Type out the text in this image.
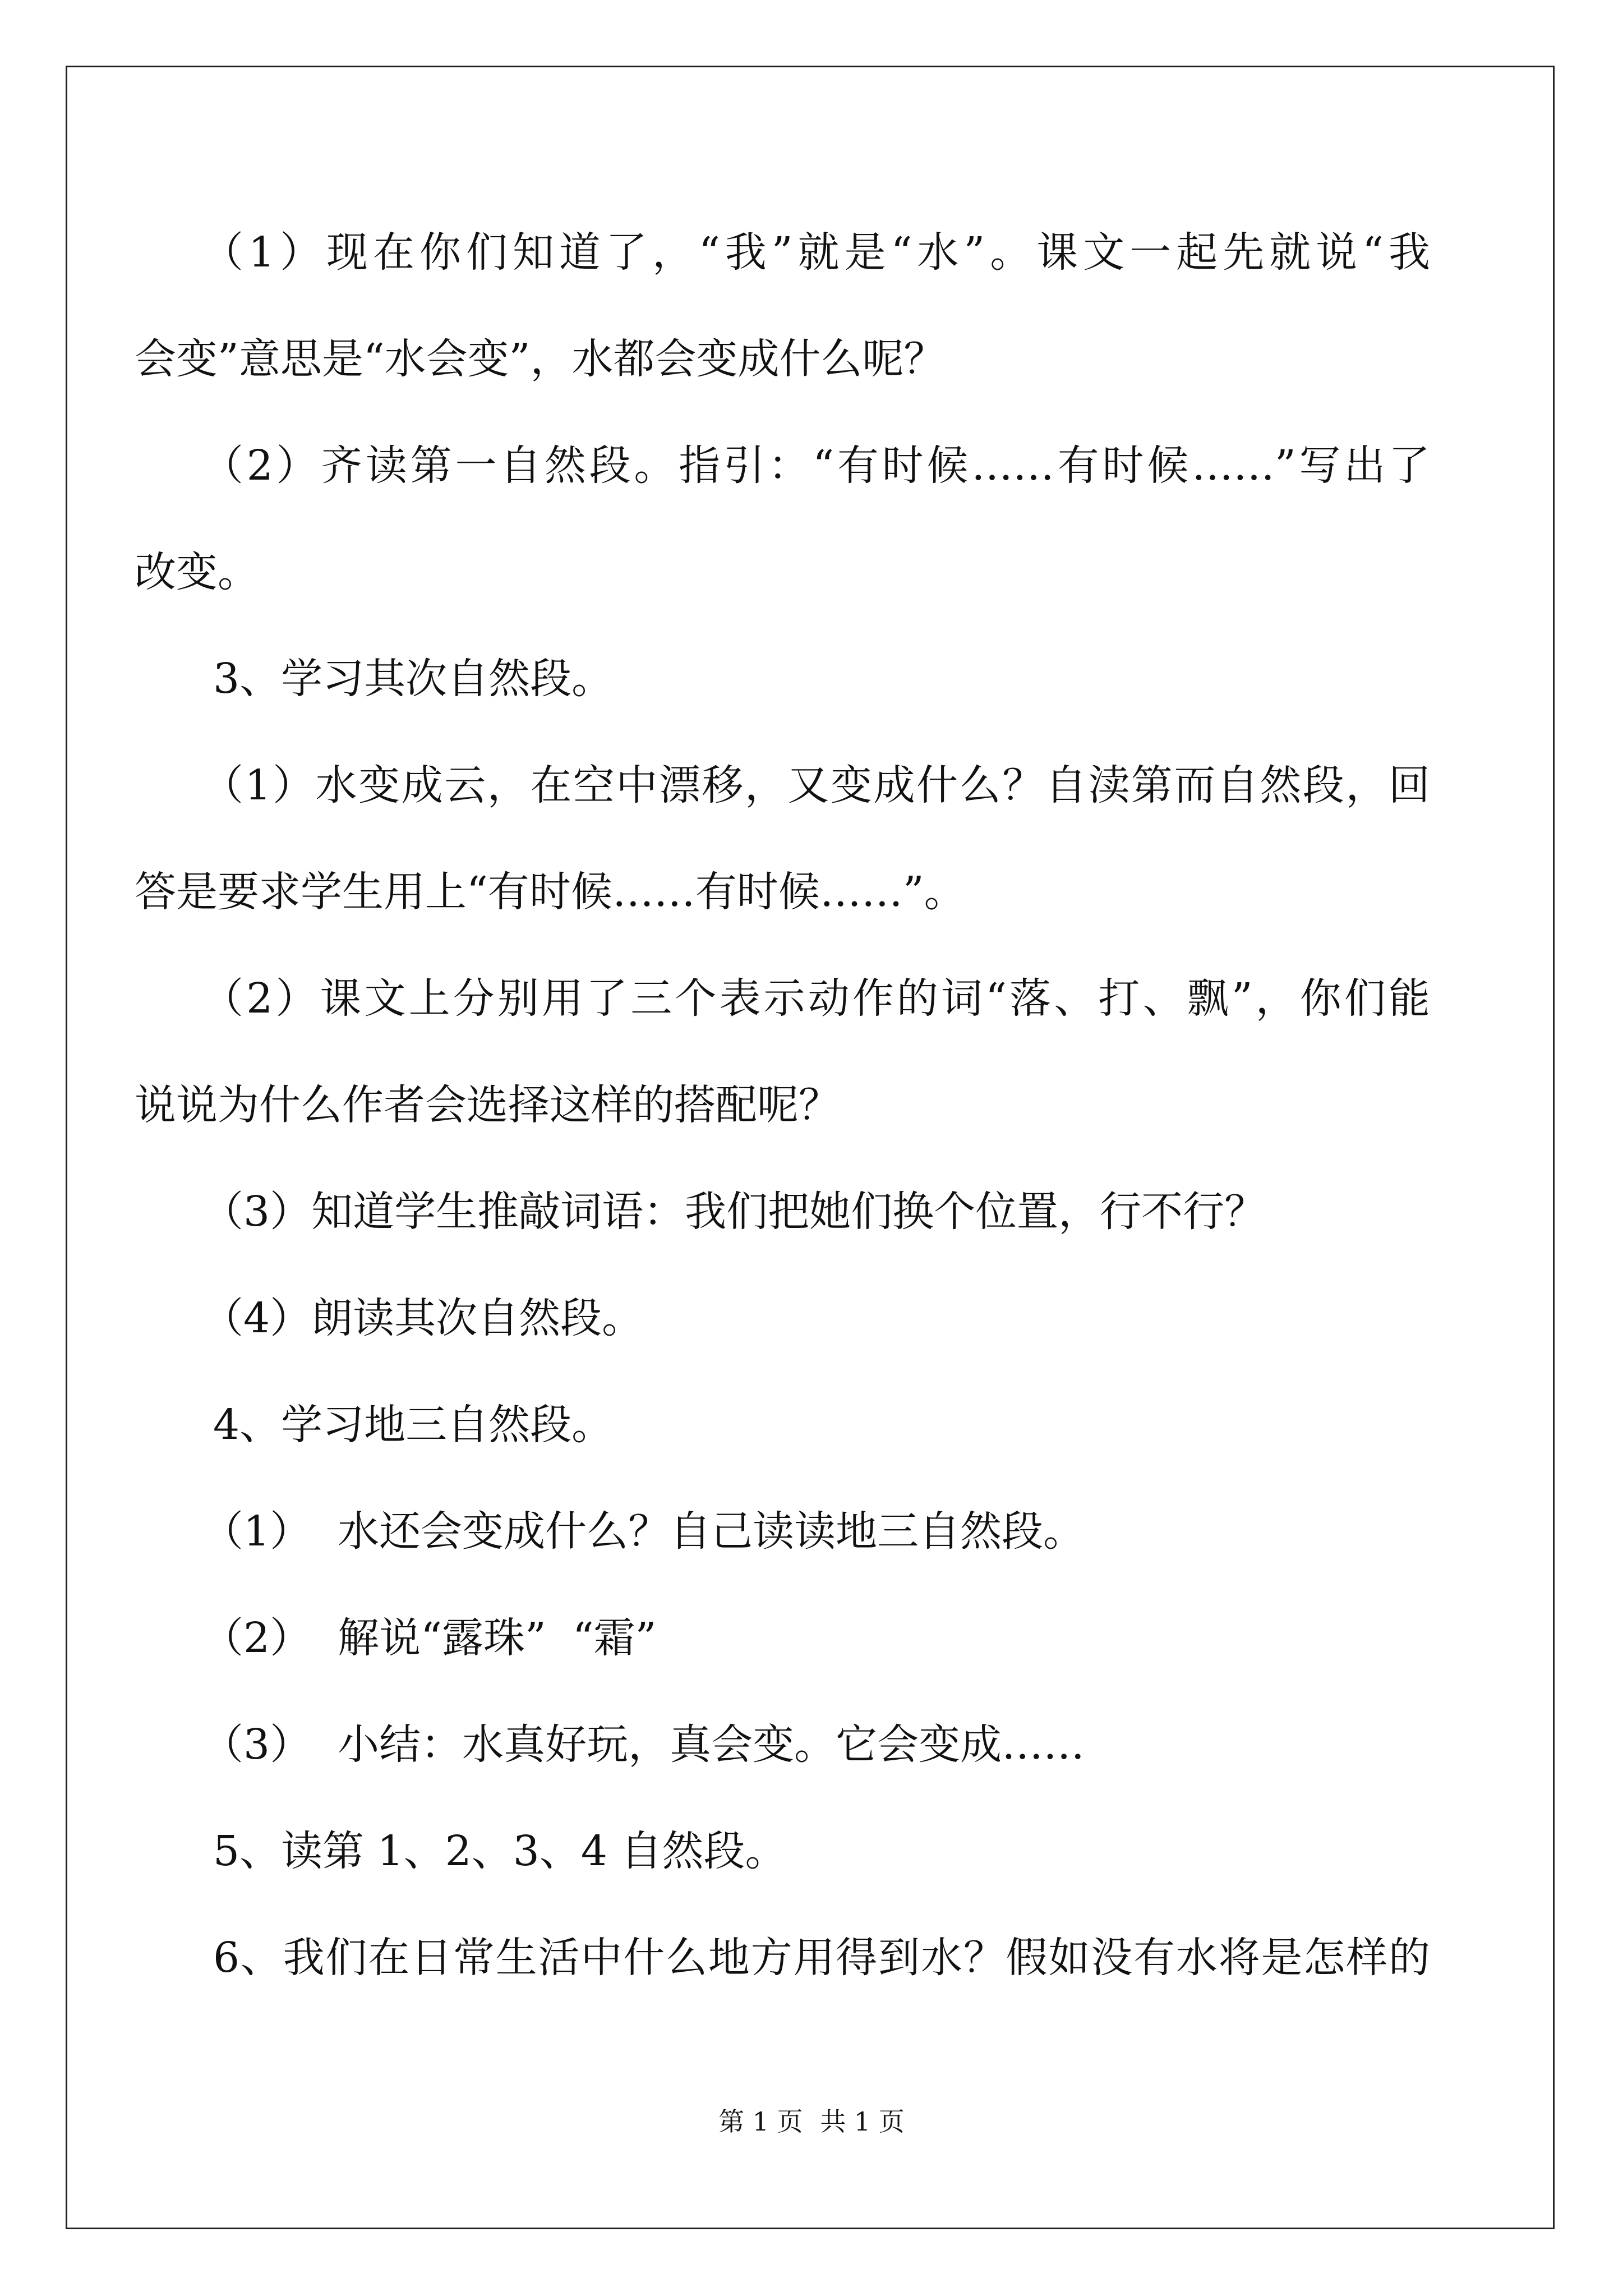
（1）现在你们知道了，“我”就是“水”。课文一起先就说“我
会变”意思是“水会变”，水都会变成什么呢？
（2）齐读第一自然段。指引：“有时候……有时候……”写出了
改变。
3、学习其次自然段。
（1）水变成云，在空中漂移，又变成什么？自渎第而自然段，回
答是要求学生用上“有时候……有时候……”。
（2）课文上分别用了三个表示动作的词“落、打、飘”，你们能
说说为什么作者会选择这样的搭配呢？
（3）知道学生推敲词语：我们把她们换个位置，行不行？
（4）朗读其次自然段。
4、学习地三自然段。
（1）  水还会变成什么？自己读读地三自然段。
（2）  解说“露珠”  “霜”
（3）  小结：水真好玩，真会变。它会变成……
5、读第 1、2、3、4 自然段。
6、我们在日常生活中什么地方用得到水？假如没有水将是怎样的
第 1 页 共 1 页
